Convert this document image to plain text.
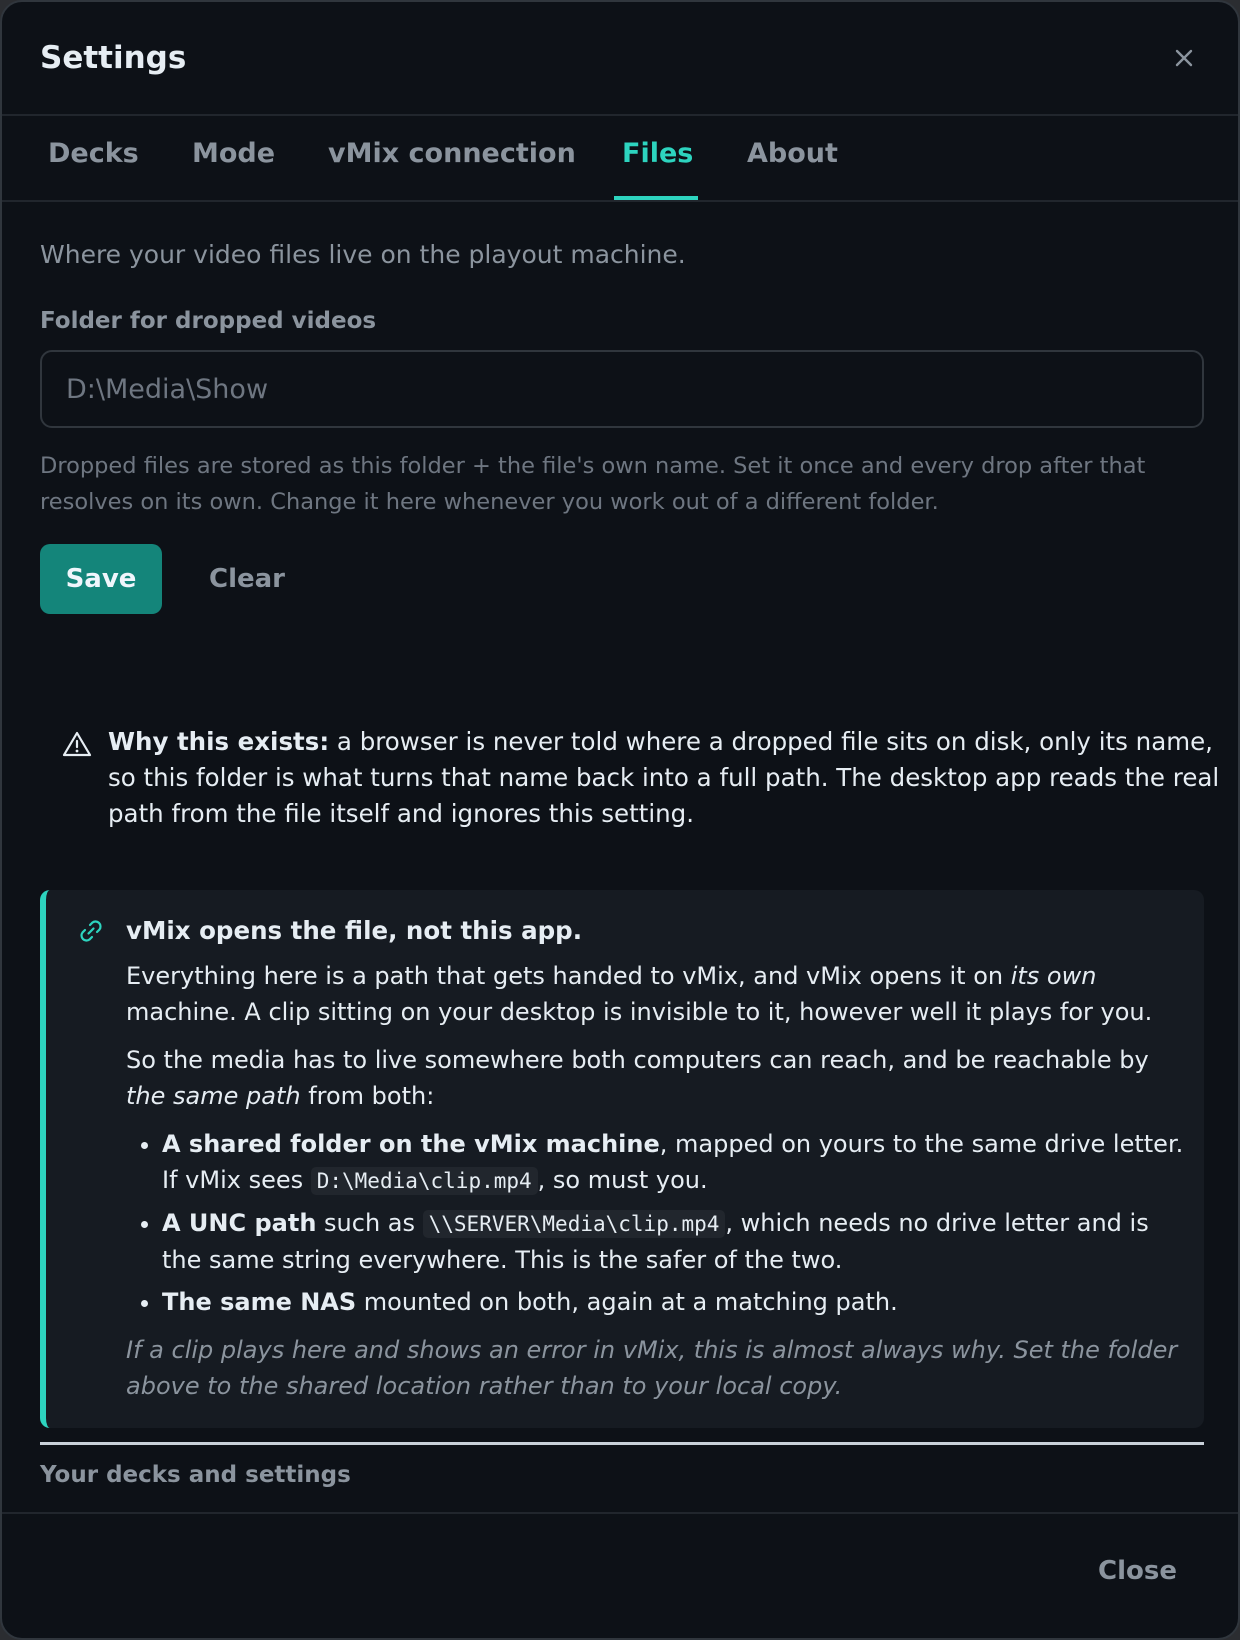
Settings
Decks Mode vMix connection Files About
Where your video files live on the playout machine.
Folder for dropped videos
D:\Media\Show
Dropped files are stored as this folder + the file's own name. Set it once and every drop after that resolves on its own. Change it here whenever you work out of a different folder.
Save	Clear
Why this exists: a browser is never told where a dropped file sits on disk, only its name, so this folder is what turns that name back into a full path. The desktop app reads the real path from the file itself and ignores this setting.
vMix opens the file, not this app.

Everything here is a path that gets handed to vMix, and vMix opens it on its own machine. A clip sitting on your desktop is invisible to it, however well it plays for you.

So the media has to live somewhere both computers can reach, and be reachable by the same path from both:

• A shared folder on the vMix machine, mapped on yours to the same drive letter. If vMix sees D:\Media\clip.mp4 , so must you.
• A UNC path such as \\SERVER\Media\clip.mp4 , which needs no drive letter and is the same string everywhere. This is the safer of the two.
• The same NAS mounted on both, again at a matching path.

If a clip plays here and shows an error in vMix, this is almost always why. Set the folder above to the shared location rather than to your local copy.

Your decks and settings
Close
